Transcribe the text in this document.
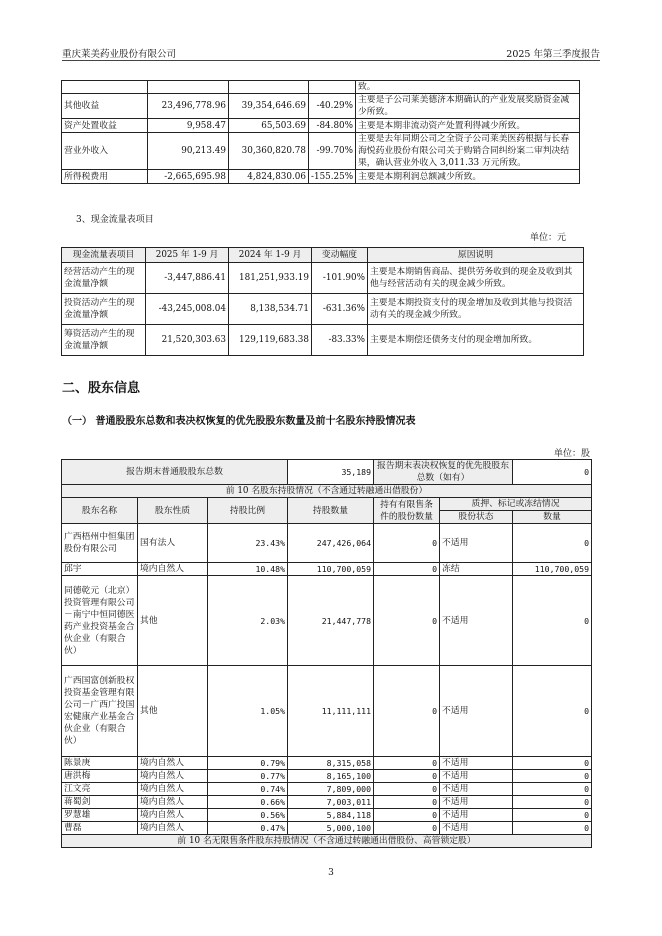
重庆莱美药业股份有限公司	2025 年第三季度报告
				致。
其他收益	23,496,778.96	39,354,646.69	-40.29%	主要是子公司莱美德济本期确认的产业发展奖励资金减少所致。
资产处置收益	9,958.47	65,503.69	-84.80%	主要是本期非流动资产处置利得减少所致。
营业外收入	90,213.49	30,360,820.78	-99.70%	主要是去年同期公司之全资子公司莱美医药根据与长春海悦药业股份有限公司关于购销合同纠纷案二审判决结果，确认营业外收入 3,011.33 万元所致。
所得税费用	-2,665,695.98	4,824,830.06	-155.25%	主要是本期利润总额减少所致。
3、现金流量表项目
单位：元
现金流量表项目	2025 年 1-9 月	2024 年 1-9 月	变动幅度	原因说明
经营活动产生的现金流量净额	-3,447,886.41	181,251,933.19	-101.90%	主要是本期销售商品、提供劳务收到的现金及收到其他与经营活动有关的现金减少所致。
投资活动产生的现金流量净额	-43,245,008.04	8,138,534.71	-631.36%	主要是本期投资支付的现金增加及收到其他与投资活动有关的现金减少所致。
筹资活动产生的现金流量净额	21,520,303.63	129,119,683.38	-83.33%	主要是本期偿还债务支付的现金增加所致。
二、股东信息
（一） 普通股股东总数和表决权恢复的优先股股东数量及前十名股东持股情况表
单位：股
报告期末普通股股东总数			35,189	报告期末表决权恢复的优先股股东总数（如有）		0
前 10 名股东持股情况（不含通过转融通出借股份）						
股东名称	股东性质	持股比例	持股数量	持有有限售条件的股份数量	质押、标记或冻结情况	
					股份状态	数量
广西梧州中恒集团股份有限公司	国有法人	23.43%	247,426,064	0	不适用	0
邱宇	境内自然人	10.48%	110,700,059	0	冻结	110,700,059
同德乾元（北京）投资管理有限公司－南宁中恒同德医药产业投资基金合伙企业（有限合伙）	其他	2.03%	21,447,778	0	不适用	0
广西国富创新股权投资基金管理有限公司－广西广投国宏健康产业基金合伙企业（有限合伙）	其他	1.05%	11,111,111	0	不适用	0
陈景庚	境内自然人	0.79%	8,315,058	0	不适用	0
唐洪梅	境内自然人	0.77%	8,165,100	0	不适用	0
江文亮	境内自然人	0.74%	7,809,000	0	不适用	0
蒋蜀剑	境内自然人	0.66%	7,003,011	0	不适用	0
罗慧雄	境内自然人	0.56%	5,884,118	0	不适用	0
曹磊	境内自然人	0.47%	5,000,100	0	不适用	0
前 10 名无限售条件股东持股情况（不含通过转融通出借股份、高管锁定股）						
3
